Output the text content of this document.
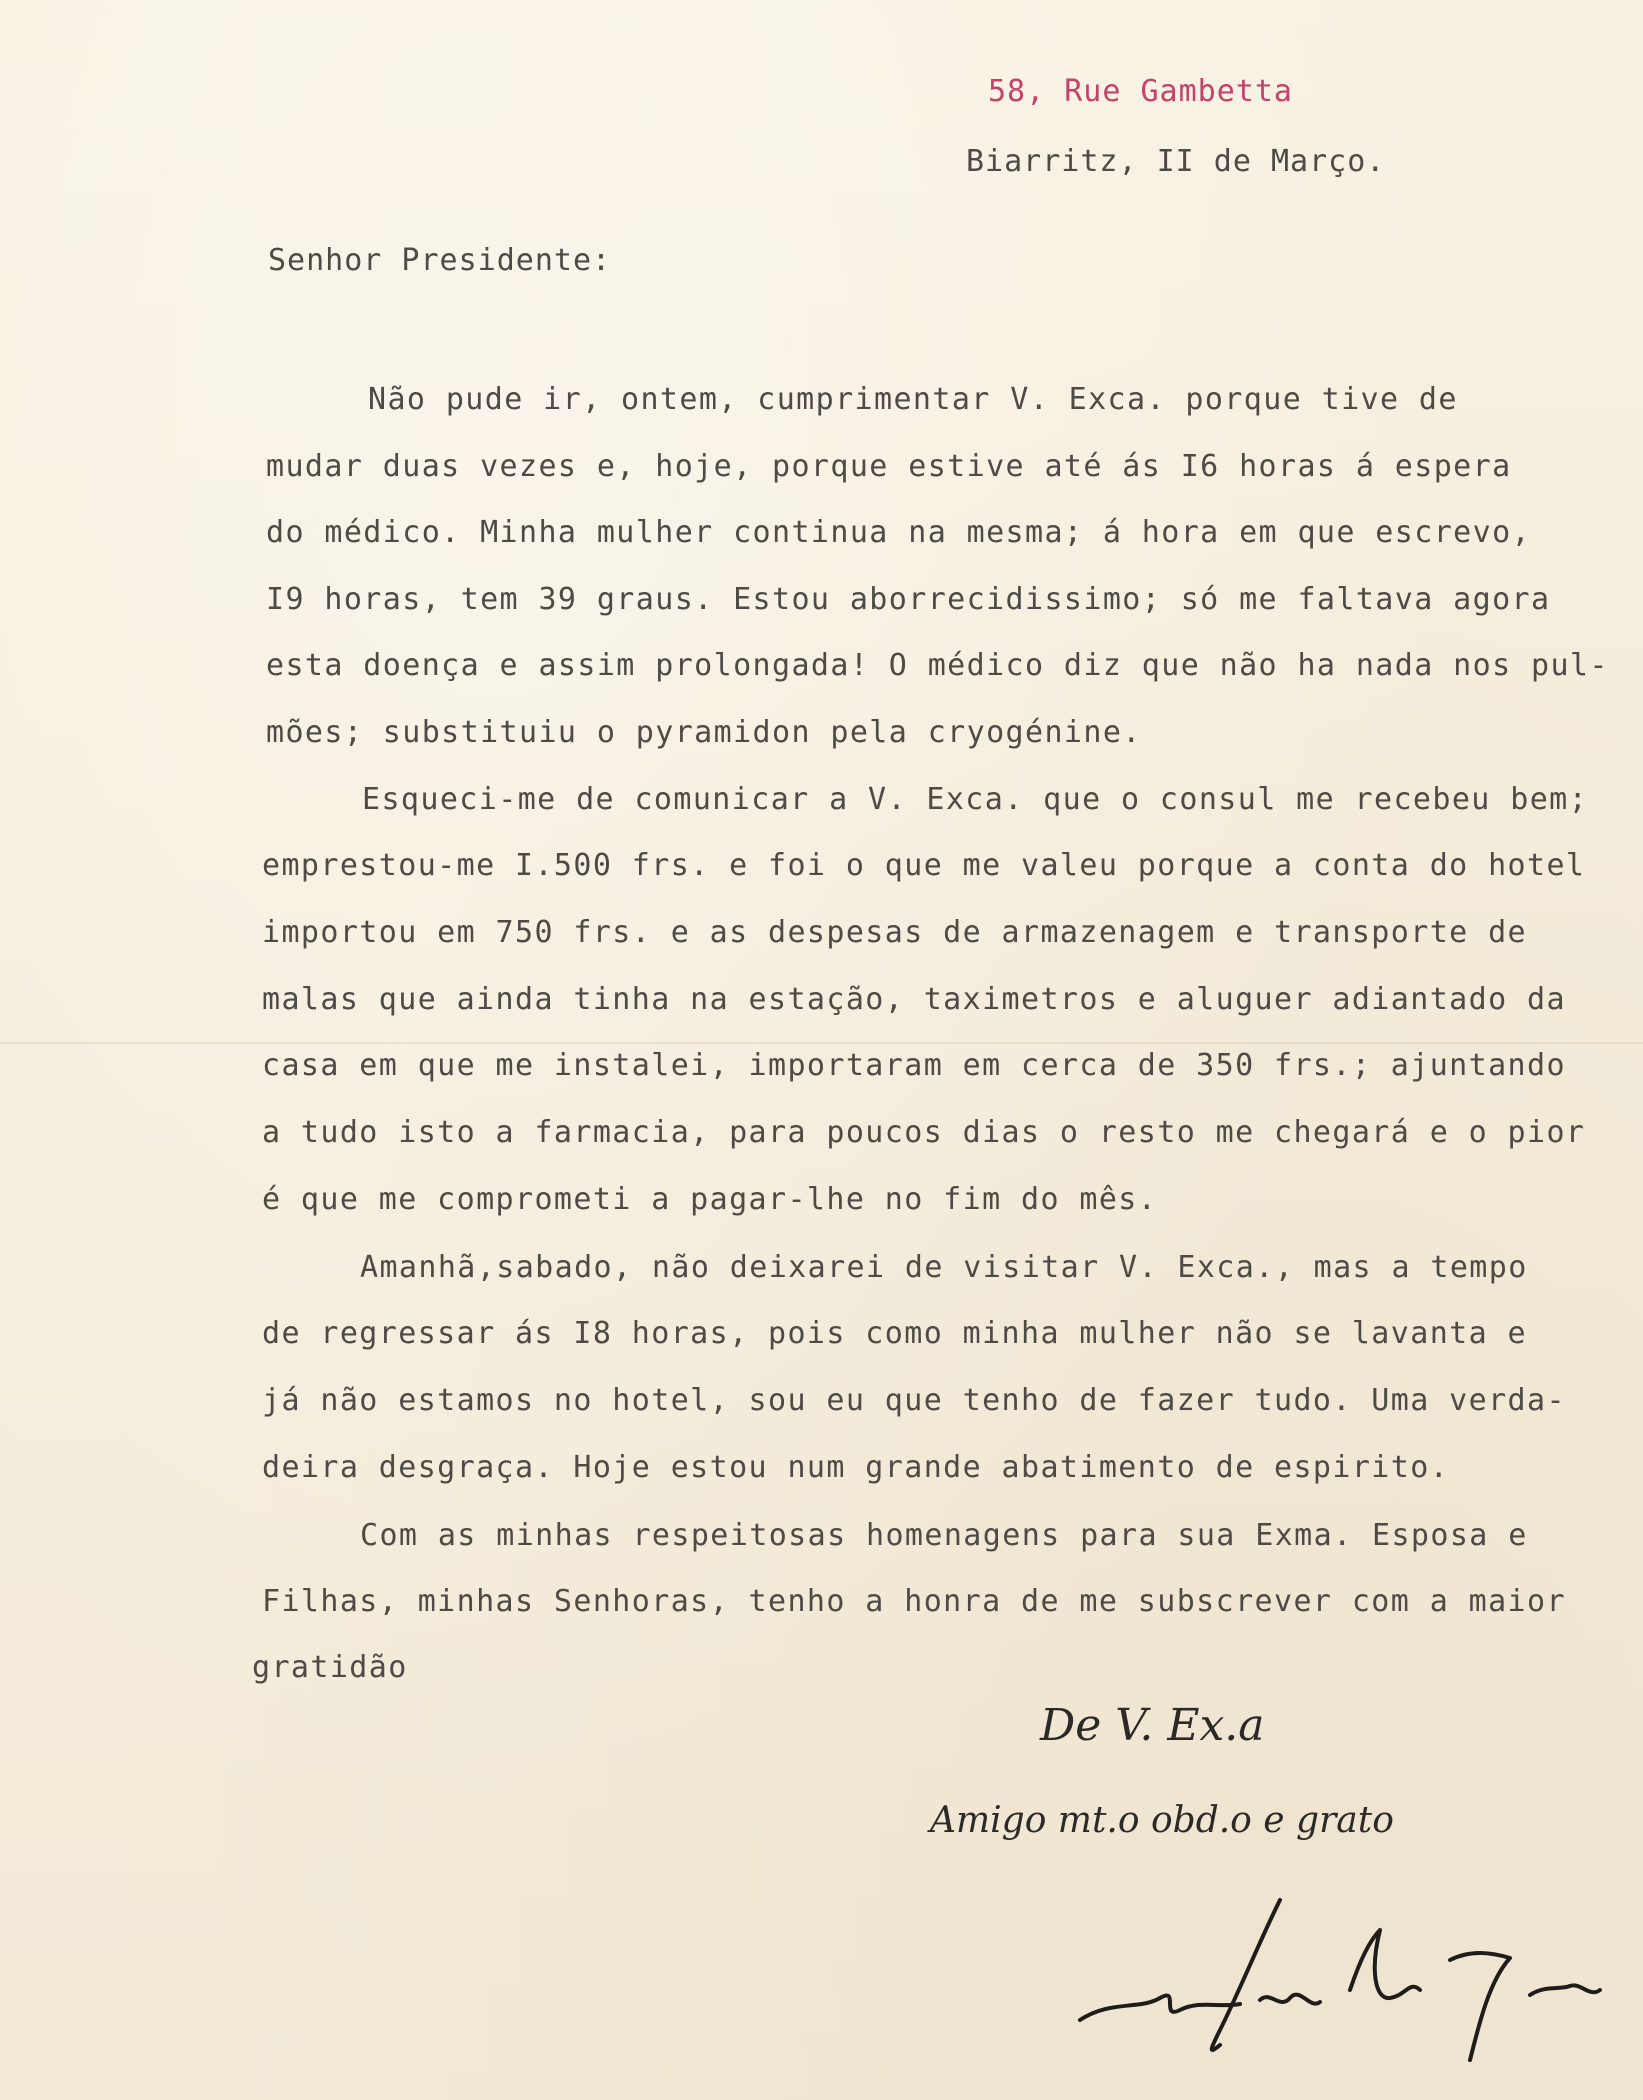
58, Rue Gambetta
Biarritz, II de Março.
Senhor Presidente:
Não pude ir, ontem, cumprimentar V. Exca. porque tive de
mudar duas vezes e, hoje, porque estive até ás I6 horas á espera
do médico. Minha mulher continua na mesma; á hora em que escrevo,
I9 horas, tem 39 graus. Estou aborrecidissimo; só me faltava agora
esta doença e assim prolongada! O médico diz que não ha nada nos pul-
mões; substituiu o pyramidon pela cryogénine.
Esqueci-me de comunicar a V. Exca. que o consul me recebeu bem;
emprestou-me I.500 frs. e foi o que me valeu porque a conta do hotel
importou em 750 frs. e as despesas de armazenagem e transporte de
malas que ainda tinha na estação, taximetros e aluguer adiantado da
casa em que me instalei, importaram em cerca de 350 frs.; ajuntando
a tudo isto a farmacia, para poucos dias o resto me chegará e o pior
é que me comprometi a pagar-lhe no fim do mês.
Amanhã,sabado, não deixarei de visitar V. Exca., mas a tempo
de regressar ás I8 horas, pois como minha mulher não se lavanta e
já não estamos no hotel, sou eu que tenho de fazer tudo. Uma verda-
deira desgraça. Hoje estou num grande abatimento de espirito.
Com as minhas respeitosas homenagens para sua Exma. Esposa e
Filhas, minhas Senhoras, tenho a honra de me subscrever com a maior
gratidão
De V. Ex.a
Amigo mt.o obd.o e grato
